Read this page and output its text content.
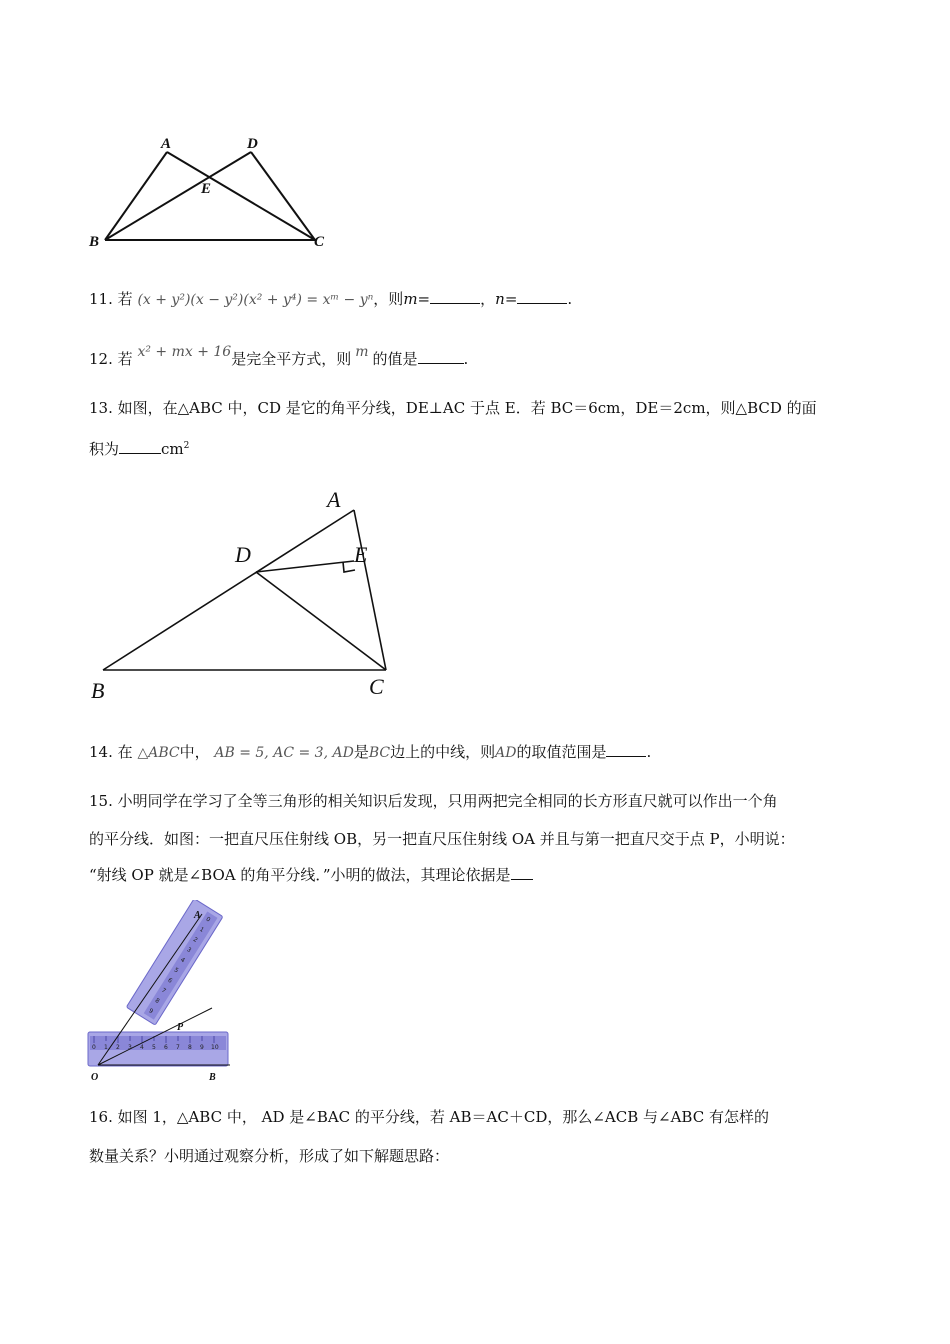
A	D
E
B	C
11. 若 (x + y²)(x − y²)(x² + y⁴) = xᵐ − yⁿ，则m=	，n=	.
12. 若 x² + mx + 16是完全平方式，则 m 的值是	.
13. 如图，在△ABC 中，CD 是它的角平分线，DE⊥AC 于点 E．若 BC＝6cm，DE＝2cm，则△BCD 的面
积为	$cm^2$
A
D	E
B	C
14. 在 △ABC中， AB = 5, AC = 3, AD是BC边上的中线，则AD的取值范围是	.
15. 小明同学在学习了全等三角形的相关知识后发现，只用两把完全相同的长方形直尺就可以作出一个角
的平分线．如图：一把直尺压住射线 OB，另一把直尺压住射线 OA 并且与第一把直尺交于点 P，小明说：
“射线 OP 就是∠BOA 的角平分线．”小明的做法，其理论依据是
0 1 2 3 4 5 6 7 8 9 10
0
1
2
3
4
5
6
7
8
9
A
P
O	B
16. 如图 1，△ABC 中， AD 是∠BAC 的平分线，若 AB＝AC＋CD，那么∠ACB 与∠ABC 有怎样的
数量关系？小明通过观察分析，形成了如下解题思路：
